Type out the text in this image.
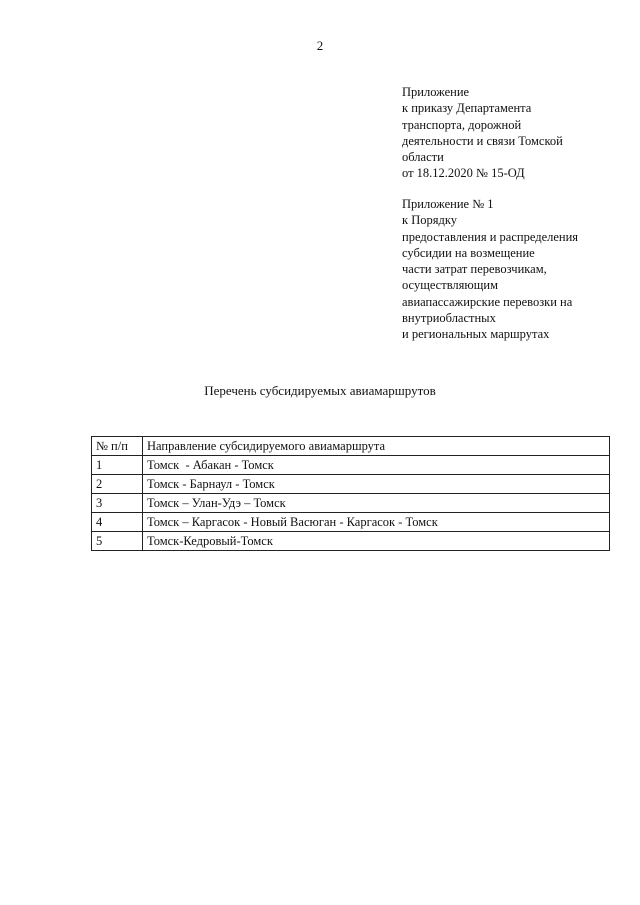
2
Приложение
к приказу Департамента
транспорта, дорожной
деятельности и связи Томской
области
от 18.12.2020 № 15-ОД
Приложение № 1
к Порядку
предоставления и распределения
субсидии на возмещение
части затрат перевозчикам,
осуществляющим
авиапассажирские перевозки на
внутриобластных
и региональных маршрутах
Перечень субсидируемых авиамаршрутов
№ п/п	Направление субсидируемого авиамаршрута
1	Томск  - Абакан - Томск
2	Томск - Барнаул - Томск
3	Томск – Улан-Удэ – Томск
4	Томск – Каргасок - Новый Васюган - Каргасок - Томск
5	Томск-Кедровый-Томск
